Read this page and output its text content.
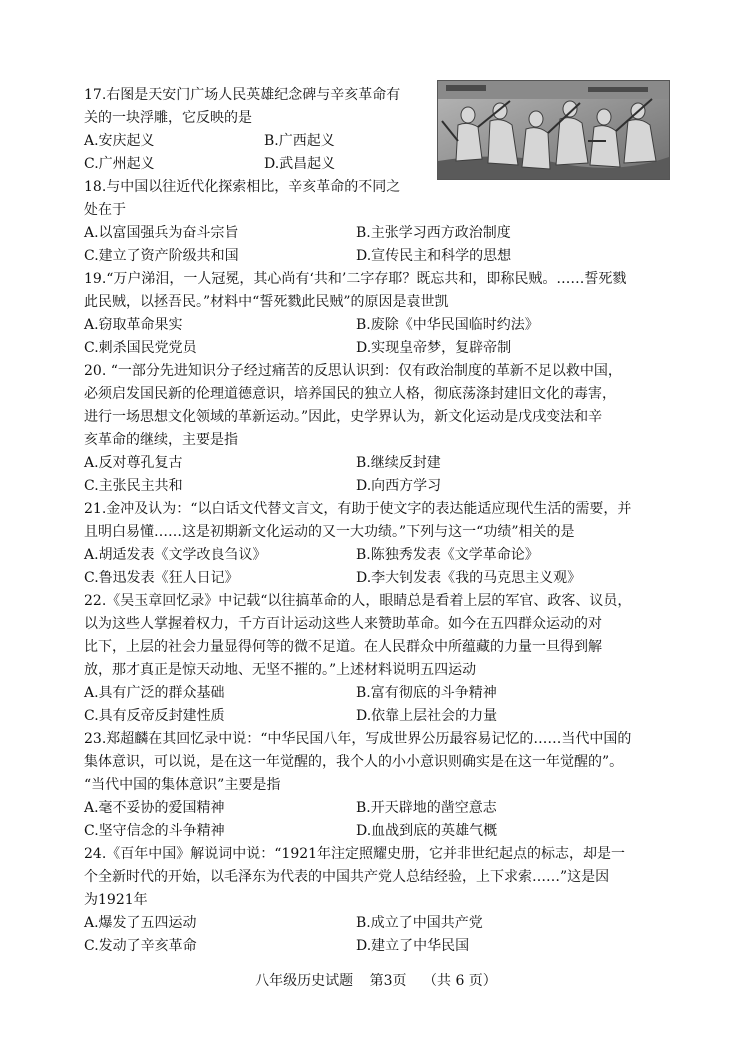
17.右图是天安门广场人民英雄纪念碑与辛亥革命有
关的一块浮雕，它反映的是
A.安庆起义	B.广西起义
C.广州起义	D.武昌起义
18.与中国以往近代化探索相比，辛亥革命的不同之
处在于
A.以富国强兵为奋斗宗旨	B.主张学习西方政治制度
C.建立了资产阶级共和国	D.宣传民主和科学的思想
19.“万户涕泪，一人冠冕，其心尚有‘共和’二字存耶？既忘共和，即称民贼。……誓死戮
此民贼，以拯吾民。”材料中“誓死戮此民贼”的原因是袁世凯
A.窃取革命果实	B.废除《中华民国临时约法》
C.刺杀国民党党员	D.实现皇帝梦，复辟帝制
20. “一部分先进知识分子经过痛苦的反思认识到：仅有政治制度的革新不足以救中国，
必须启发国民新的伦理道德意识，培养国民的独立人格，彻底荡涤封建旧文化的毒害，
进行一场思想文化领域的革新运动。”因此，史学界认为，新文化运动是戊戌变法和辛
亥革命的继续，主要是指
A.反对尊孔复古	B.继续反封建
C.主张民主共和	D.向西方学习
21.金冲及认为：“以白话文代替文言文，有助于使文字的表达能适应现代生活的需要，并
且明白易懂……这是初期新文化运动的又一大功绩。”下列与这一“功绩”相关的是
A.胡适发表《文学改良刍议》	B.陈独秀发表《文学革命论》
C.鲁迅发表《狂人日记》	D.李大钊发表《我的马克思主义观》
22.《吴玉章回忆录》中记载“以往搞革命的人，眼睛总是看着上层的军官、政客、议员，
以为这些人掌握着权力，千方百计运动这些人来赞助革命。如今在五四群众运动的对
比下，上层的社会力量显得何等的微不足道。在人民群众中所蕴藏的力量一旦得到解
放，那才真正是惊天动地、无坚不摧的。”上述材料说明五四运动
A.具有广泛的群众基础	B.富有彻底的斗争精神
C.具有反帝反封建性质	D.依靠上层社会的力量
23.郑超麟在其回忆录中说：“中华民国八年，写成世界公历最容易记忆的……当代中国的
集体意识，可以说，是在这一年觉醒的，我个人的小小意识则确实是在这一年觉醒的”。
“当代中国的集体意识”主要是指
A.毫不妥协的爱国精神	B.开天辟地的凿空意志
C.坚守信念的斗争精神	D.血战到底的英雄气概
24.《百年中国》解说词中说：“1921年注定照耀史册，它并非世纪起点的标志，却是一
个全新时代的开始，以毛泽东为代表的中国共产党人总结经验，上下求索……”这是因
为1921年
A.爆发了五四运动	B.成立了中国共产党
C.发动了辛亥革命	D.建立了中华民国
八年级历史试题 第3页 （共 6 页）
